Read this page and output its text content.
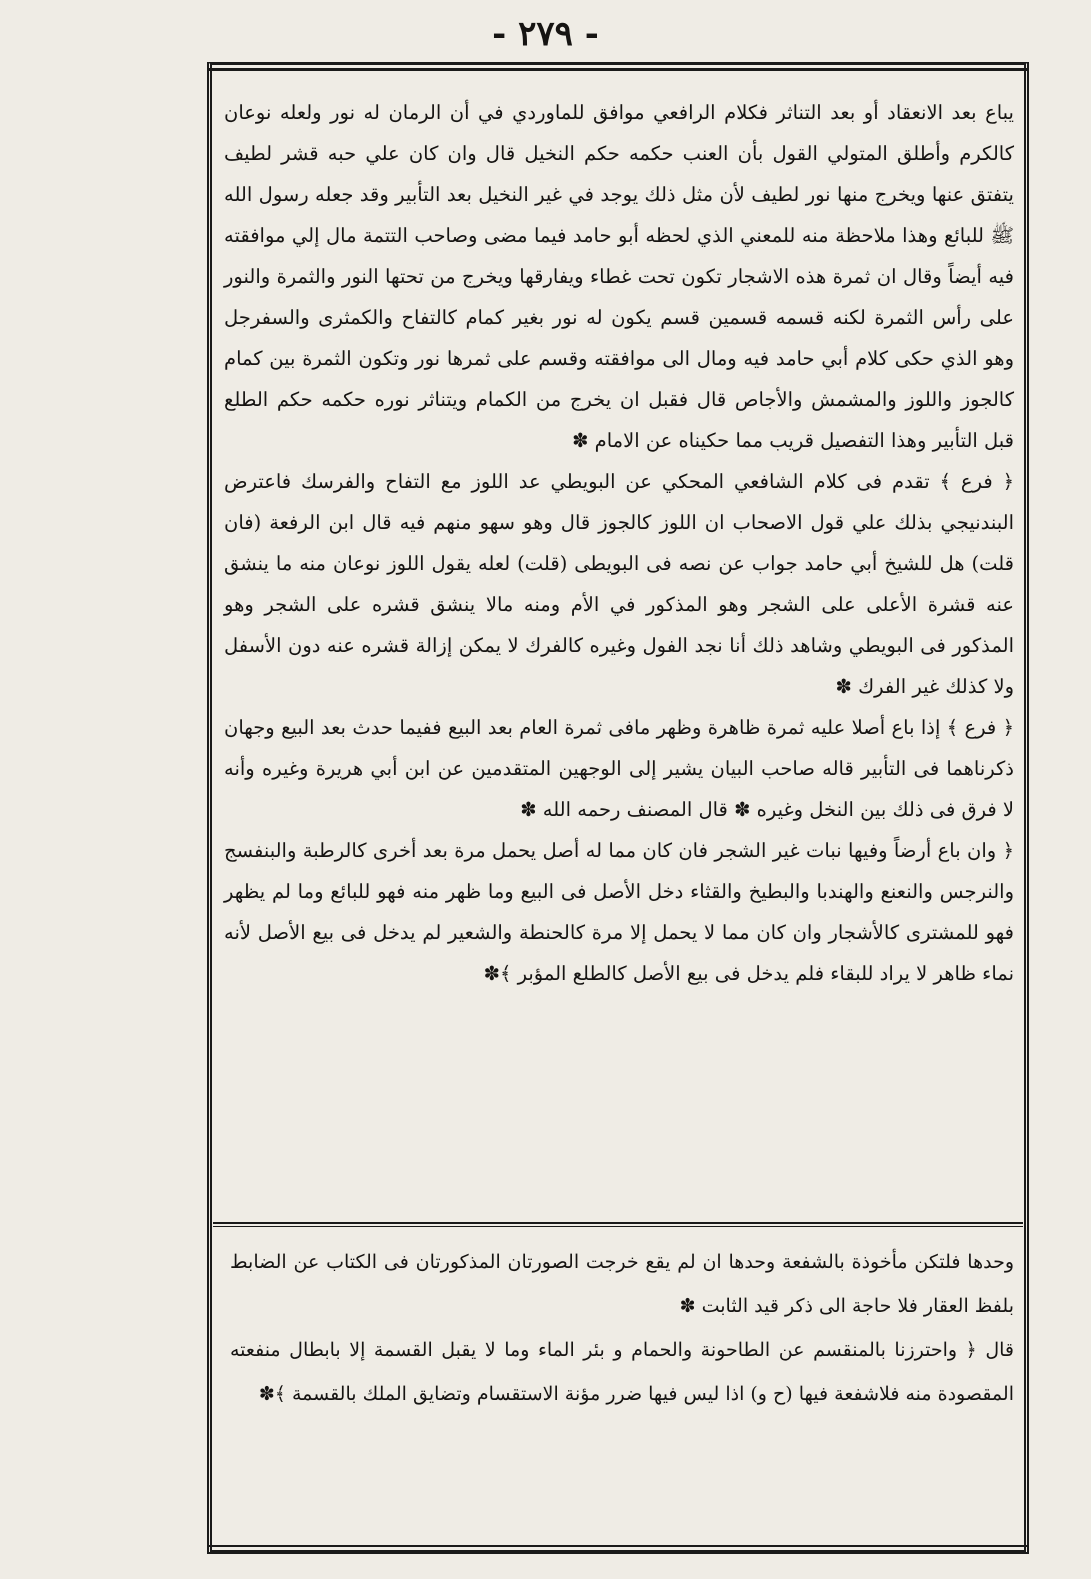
- ٢٧٩ -

يباع بعد الانعقاد أو بعد التناثر فكلام الرافعي موافق للماوردي في أن الرمان له نور ولعله نوعان كالكرم وأطلق المتولي القول بأن العنب حكمه حكم النخيل قال وان كان علي حبه قشر لطيف يتفتق عنها ويخرج منها نور لطيف لأن مثل ذلك يوجد في غير النخيل بعد التأبير وقد جعله رسول الله ﷺ للبائع وهذا ملاحظة منه للمعني الذي لحظه أبو حامد فيما مضى وصاحب التتمة مال إلي موافقته فيه أيضاً وقال ان ثمرة هذه الاشجار تكون تحت غطاء ويفارقها ويخرج من تحتها النور والثمرة والنور على رأس الثمرة لكنه قسمه قسمين قسم يكون له نور بغير كمام كالتفاح والكمثرى والسفرجل وهو الذي حكى كلام أبي حامد فيه ومال الى موافقته وقسم على ثمرها نور وتكون الثمرة بين كمام كالجوز واللوز والمشمش والأجاص قال فقبل ان يخرج من الكمام ويتناثر نوره حكمه حكم الطلع قبل التأبير وهذا التفصيل قريب مما حكيناه عن الامام ✽

﴿ فرع ﴾ تقدم فى كلام الشافعي المحكي عن البويطي عد اللوز مع التفاح والفرسك فاعترض البندنيجي بذلك علي قول الاصحاب ان اللوز كالجوز قال وهو سهو منهم فيه قال ابن الرفعة (فان قلت) هل للشيخ أبي حامد جواب عن نصه فى البويطى (قلت) لعله يقول اللوز نوعان منه ما ينشق عنه قشرة الأعلى على الشجر وهو المذكور في الأم ومنه مالا ينشق قشره على الشجر وهو المذكور فى البويطي وشاهد ذلك أنا نجد الفول وغيره كالفرك لا يمكن إزالة قشره عنه دون الأسفل ولا كذلك غير الفرك ✽

﴿ فرع ﴾ إذا باع أصلا عليه ثمرة ظاهرة وظهر مافى ثمرة العام بعد البيع ففيما حدث بعد البيع وجهان ذكرناهما فى التأبير قاله صاحب البيان يشير إلى الوجهين المتقدمين عن ابن أبي هريرة وغيره وأنه لا فرق فى ذلك بين النخل وغيره ✽ قال المصنف رحمه الله ✽

﴿ وان باع أرضاً وفيها نبات غير الشجر فان كان مما له أصل يحمل مرة بعد أخرى كالرطبة والبنفسج والنرجس والنعنع والهندبا والبطيخ والقثاء دخل الأصل فى البيع وما ظهر منه فهو للبائع وما لم يظهر فهو للمشترى كالأشجار وان كان مما لا يحمل إلا مرة كالحنطة والشعير لم يدخل فى بيع الأصل لأنه نماء ظاهر لا يراد للبقاء فلم يدخل فى بيع الأصل كالطلع المؤبر ﴾✽

وحدها فلتكن مأخوذة بالشفعة وحدها ان لم يقع خرجت الصورتان المذكورتان فى الكتاب عن الضابط بلفظ العقار فلا حاجة الى ذكر قيد الثابت ✽

قال ﴿ واحترزنا بالمنقسم عن الطاحونة والحمام و بئر الماء وما لا يقبل القسمة إلا بابطال منفعته المقصودة منه فلاشفعة فيها (ح و) اذا ليس فيها ضرر مؤنة الاستقسام وتضايق الملك بالقسمة ﴾✽
